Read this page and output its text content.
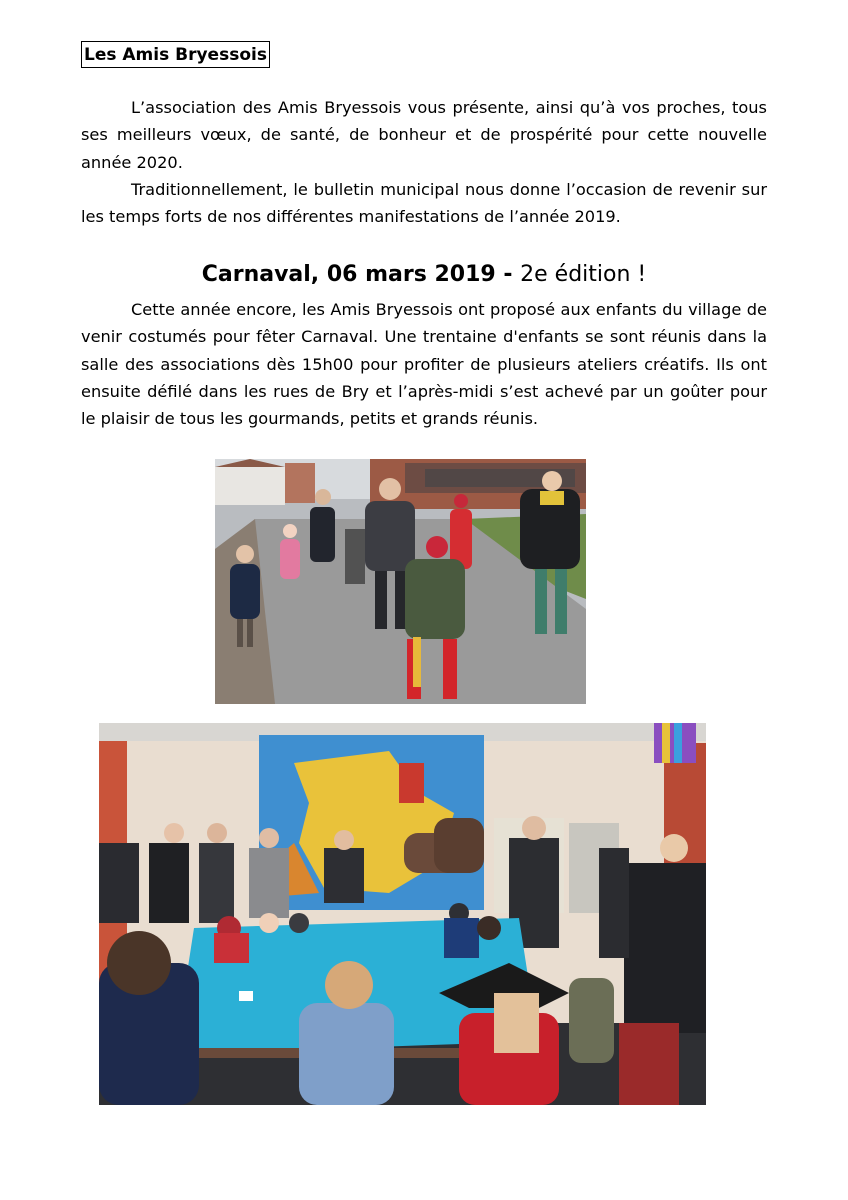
Les Amis Bryessois
L’association des Amis Bryessois vous présente, ainsi qu’à vos proches, tous ses meilleurs vœux, de santé, de bonheur et de prospérité pour cette nouvelle année 2020.
Traditionnellement, le bulletin municipal nous donne l’occasion de revenir sur les temps forts de nos différentes manifestations de l’année 2019.
Carnaval, 06 mars 2019 - 2e édition !
Cette année encore, les Amis Bryessois ont proposé aux enfants du village de venir costumés pour fêter Carnaval. Une trentaine d'enfants se sont réunis dans la salle des associations dès 15h00 pour profiter de plusieurs ateliers créatifs. Ils ont ensuite défilé dans les rues de Bry et l’après-midi s’est achevé par un goûter pour le plaisir de tous les gourmands, petits et grands réunis.
